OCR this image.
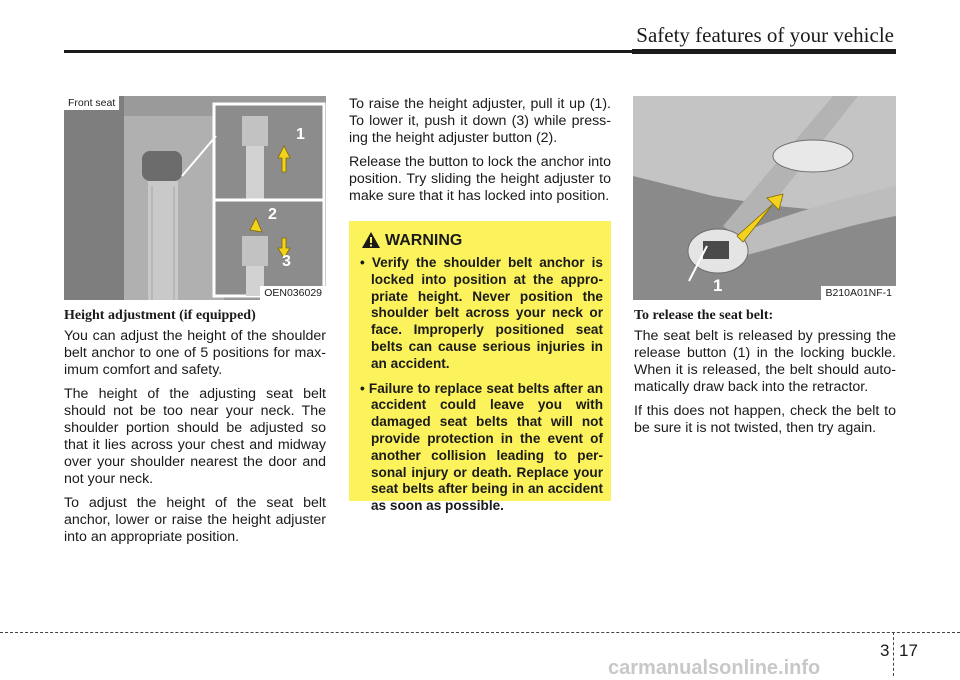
Safety features of your vehicle
1
2
3
Front seat
OEN036029

Height adjustment (if equipped)

You can adjust the height of the shoulder belt anchor to one of 5 positions for max-imum comfort and safety.

The height of the adjusting seat belt should not be too near your neck. The shoulder portion should be adjusted so that it lies across your chest and midway over your shoulder nearest the door and not your neck.

To adjust the height of the seat belt anchor, lower or raise the height adjuster into an appropriate position.

To raise the height adjuster, pull it up (1). To lower it, push it down (3) while press-ing the height adjuster button (2).

Release the button to lock the anchor into position. Try sliding the height adjuster to make sure that it has locked into position.

WARNING
• Verify the shoulder belt anchor is locked into position at the appro-priate height. Never position the shoulder belt across your neck or face. Improperly positioned seat belts can cause serious injuries in an accident.
• Failure to replace seat belts after an accident could leave you with damaged seat belts that will not provide protection in the event of another collision leading to per-sonal injury or death. Replace your seat belts after being in an accident as soon as possible.
1	B210A01NF-1

To release the seat belt:

The seat belt is released by pressing the release button (1) in the locking buckle. When it is released, the belt should auto-matically draw back into the retractor.

If this does not happen, check the belt to be sure it is not twisted, then try again.

3 17
carmanualsonline.info
